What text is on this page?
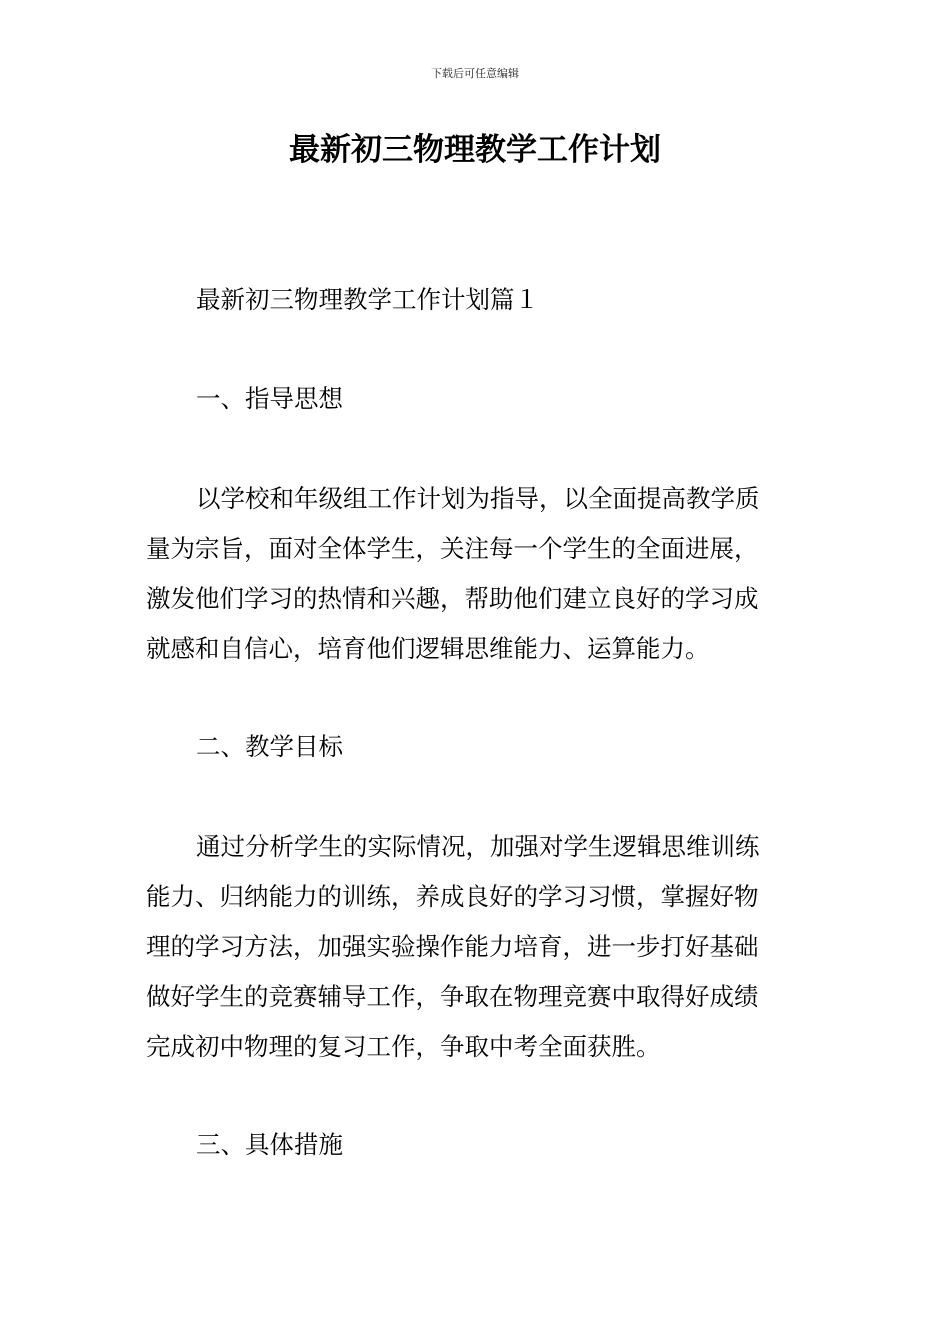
下载后可任意编辑
最新初三物理教学工作计划

最新初三物理教学工作计划篇１

一、指导思想

以学校和年级组工作计划为指导，以全面提高教学质
量为宗旨，面对全体学生，关注每一个学生的全面进展，
激发他们学习的热情和兴趣，帮助他们建立良好的学习成
就感和自信心，培育他们逻辑思维能力、运算能力。

二、教学目标

通过分析学生的实际情况，加强对学生逻辑思维训练
能力、归纳能力的训练，养成良好的学习习惯，掌握好物
理的学习方法，加强实验操作能力培育，进一步打好基础
做好学生的竞赛辅导工作，争取在物理竞赛中取得好成绩
完成初中物理的复习工作，争取中考全面获胜。

三、具体措施
